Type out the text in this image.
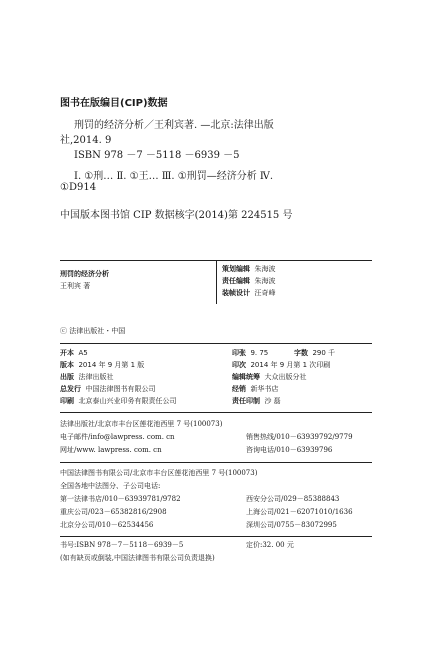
图书在版编目(CIP)数据
刑罚的经济分析／王利宾著. —北京:法律出版
社,2014. 9
ISBN 978 －7 －5118 －6939 －5
Ⅰ. ①刑… Ⅱ. ①王… Ⅲ. ①刑罚—经济分析 Ⅳ.
①D914
中国版本图书馆 CIP 数据核字(2014)第 224515 号
刑罚的经济分析
王利宾 著
策划编辑 朱海波
责任编辑 朱海波
装帧设计 汪奇峰
ⓒ 法律出版社・中国
开本 A5
版本 2014 年 9 月第 1 版
出版 法律出版社
总发行 中国法律图书有限公司
印刷 北京泰山兴业印务有限责任公司
印张 9. 75	字数 290 千
印次 2014 年 9 月第 1 次印刷
编辑统筹 大众出版分社
经销 新华书店
责任印制 沙 磊
法律出版社/北京市丰台区莲花池西里 7 号(100073)
电子邮件/info@lawpress. com. cn
网址/www. lawpress. com. cn
销售热线/010－63939792/9779
咨询电话/010－63939796
中国法律图书有限公司/北京市丰台区莲花池西里 7 号(100073)
全国各地中法图分、子公司电话:
第一法律书店/010－63939781/9782
重庆公司/023－65382816/2908
北京分公司/010－62534456
西安分公司/029－85388843
上海公司/021－62071010/1636
深圳公司/0755－83072995
书号:ISBN 978－7－5118－6939－5	定价:32. 00 元
(如有缺页或倒装,中国法律图书有限公司负责退换)
